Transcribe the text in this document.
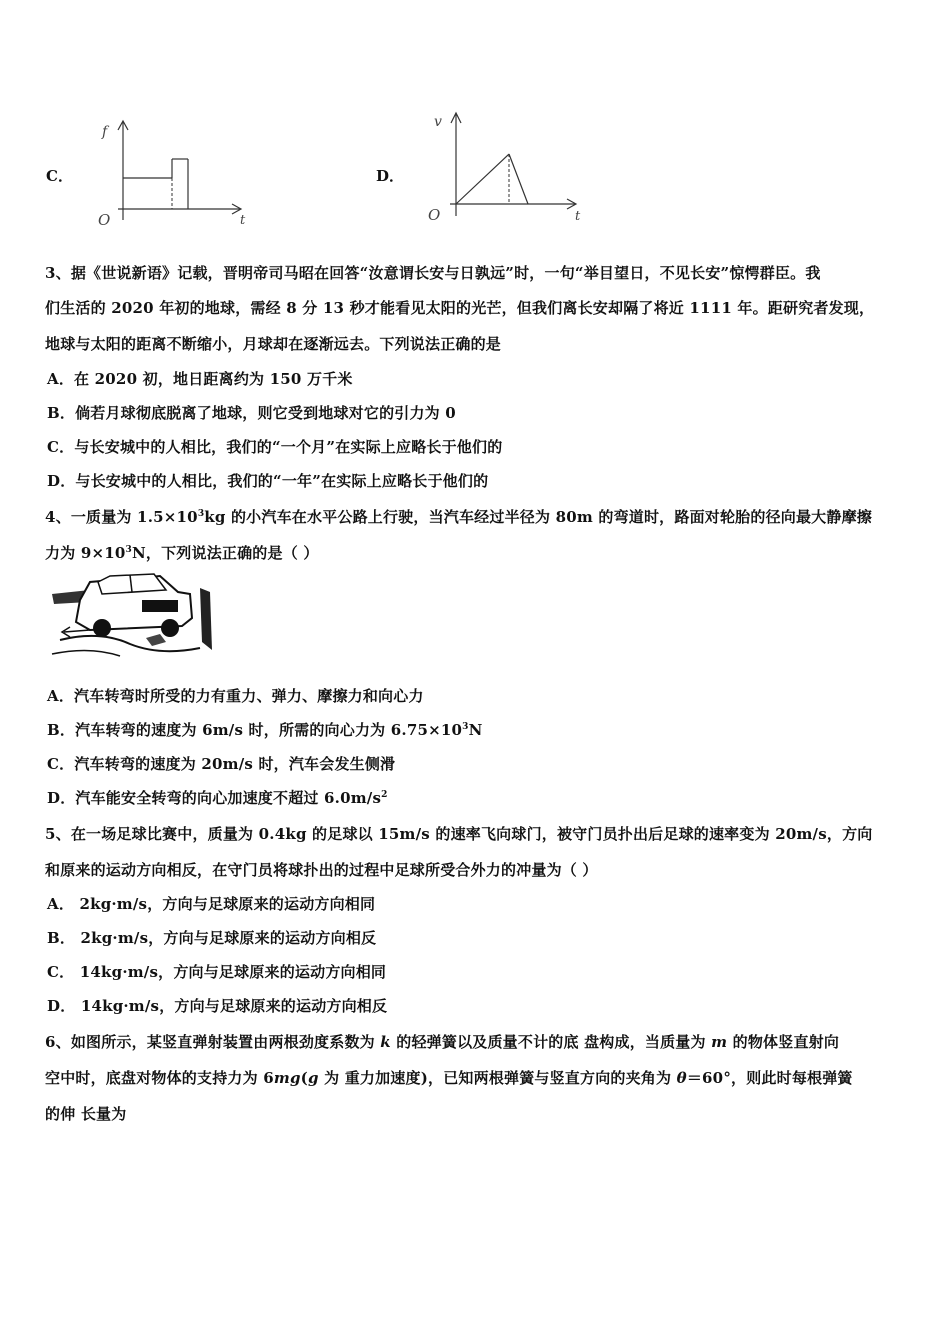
C．
f
O	t
D．
v
O	t
3、据《世说新语》记载，晋明帝司马昭在回答“汝意谓长安与日孰远”时，一句“举目望日，不见长安”惊愕群臣。我
们生活的 2020 年初的地球，需经 8 分 13 秒才能看见太阳的光芒，但我们离长安却隔了将近 1111 年。距研究者发现，
地球与太阳的距离不断缩小，月球却在逐渐远去。下列说法正确的是
A．在 2020 初，地日距离约为 150 万千米
B．倘若月球彻底脱离了地球，则它受到地球对它的引力为 0
C．与长安城中的人相比，我们的“一个月”在实际上应略长于他们的
D．与长安城中的人相比，我们的“一年”在实际上应略长于他们的
4、一质量为 $1.5\times 10^3kg$ 的小汽车在水平公路上行驶，当汽车经过半径为 80m 的弯道时，路面对轮胎的径向最大静摩擦
力为 $9\times 10^3N$，下列说法正确的是（ ）
A．汽车转弯时所受的力有重力、弹力、摩擦力和向心力
B．汽车转弯的速度为 6m/s 时，所需的向心力为 $6.75\times 10^3N$
C．汽车转弯的速度为 20m/s 时，汽车会发生侧滑
D．汽车能安全转弯的向心加速度不超过 $6.0m/s^2$
5、在一场足球比赛中，质量为 0.4kg 的足球以 15m/s 的速率飞向球门，被守门员扑出后足球的速率变为 20m/s，方向
和原来的运动方向相反，在守门员将球扑出的过程中足球所受合外力的冲量为（ ）
A． 2kg·m/s，方向与足球原来的运动方向相同
B． 2kg·m/s，方向与足球原来的运动方向相反
C． 14kg·m/s，方向与足球原来的运动方向相同
D． 14kg·m/s，方向与足球原来的运动方向相反
6、如图所示，某竖直弹射装置由两根劲度系数为 k 的轻弹簧以及质量不计的底 盘构成，当质量为 m 的物体竖直射向
空中时，底盘对物体的支持力为 6mg(g 为 重力加速度)，已知两根弹簧与竖直方向的夹角为 θ＝60°，则此时每根弹簧
的伸 长量为
